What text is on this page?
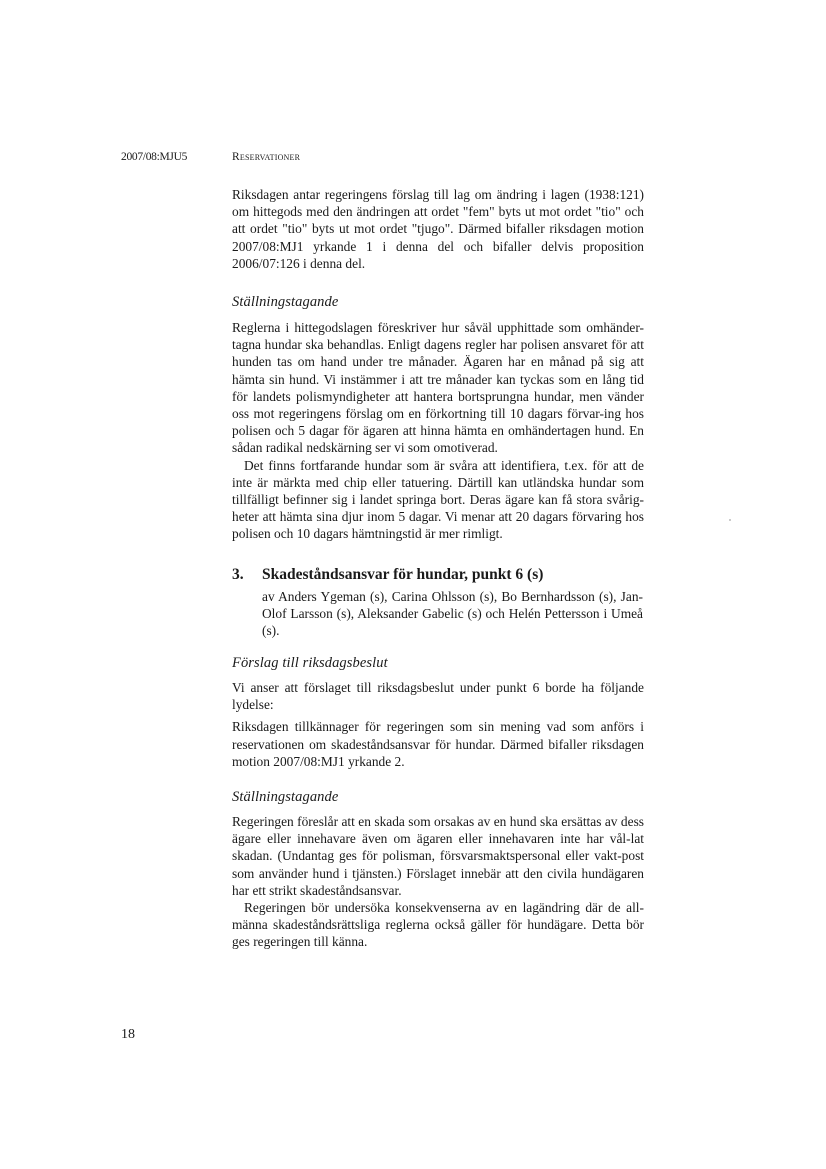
2007/08:MJU5	Reservationer

Riksdagen antar regeringens förslag till lag om ändring i lagen (1938:121) om hittegods med den ändringen att ordet "fem" byts ut mot ordet "tio" och att ordet "tio" byts ut mot ordet "tjugo". Därmed bifaller riksdagen motion 2007/08:MJ1 yrkande 1 i denna del och bifaller delvis proposition 2006/07:126 i denna del.

Ställningstagande

Reglerna i hittegodslagen föreskriver hur såväl upphittade som omhänder-tagna hundar ska behandlas. Enligt dagens regler har polisen ansvaret för att hunden tas om hand under tre månader. Ägaren har en månad på sig att hämta sin hund. Vi instämmer i att tre månader kan tyckas som en lång tid för landets polismyndigheter att hantera bortsprungna hundar, men vänder oss mot regeringens förslag om en förkortning till 10 dagars förvar-ing hos polisen och 5 dagar för ägaren att hinna hämta en omhändertagen hund. En sådan radikal nedskärning ser vi som omotiverad.

Det finns fortfarande hundar som är svåra att identifiera, t.ex. för att de inte är märkta med chip eller tatuering. Därtill kan utländska hundar som tillfälligt befinner sig i landet springa bort. Deras ägare kan få stora svårig-heter att hämta sina djur inom 5 dagar. Vi menar att 20 dagars förvaring hos polisen och 10 dagars hämtningstid är mer rimligt.

3. Skadeståndsansvar för hundar, punkt 6 (s)
av Anders Ygeman (s), Carina Ohlsson (s), Bo Bernhardsson (s), Jan-Olof Larsson (s), Aleksander Gabelic (s) och Helén Pettersson i Umeå (s).
Förslag till riksdagsbeslut

Vi anser att förslaget till riksdagsbeslut under punkt 6 borde ha följande lydelse:

Riksdagen tillkännager för regeringen som sin mening vad som anförs i reservationen om skadeståndsansvar för hundar. Därmed bifaller riksdagen motion 2007/08:MJ1 yrkande 2.

Ställningstagande

Regeringen föreslår att en skada som orsakas av en hund ska ersättas av dess ägare eller innehavare även om ägaren eller innehavaren inte har vål-lat skadan. (Undantag ges för polisman, försvarsmaktspersonal eller vakt-post som använder hund i tjänsten.) Förslaget innebär att den civila hundägaren har ett strikt skadeståndsansvar.

Regeringen bör undersöka konsekvenserna av en lagändring där de all-männa skadeståndsrättsliga reglerna också gäller för hundägare. Detta bör ges regeringen till känna.

18
